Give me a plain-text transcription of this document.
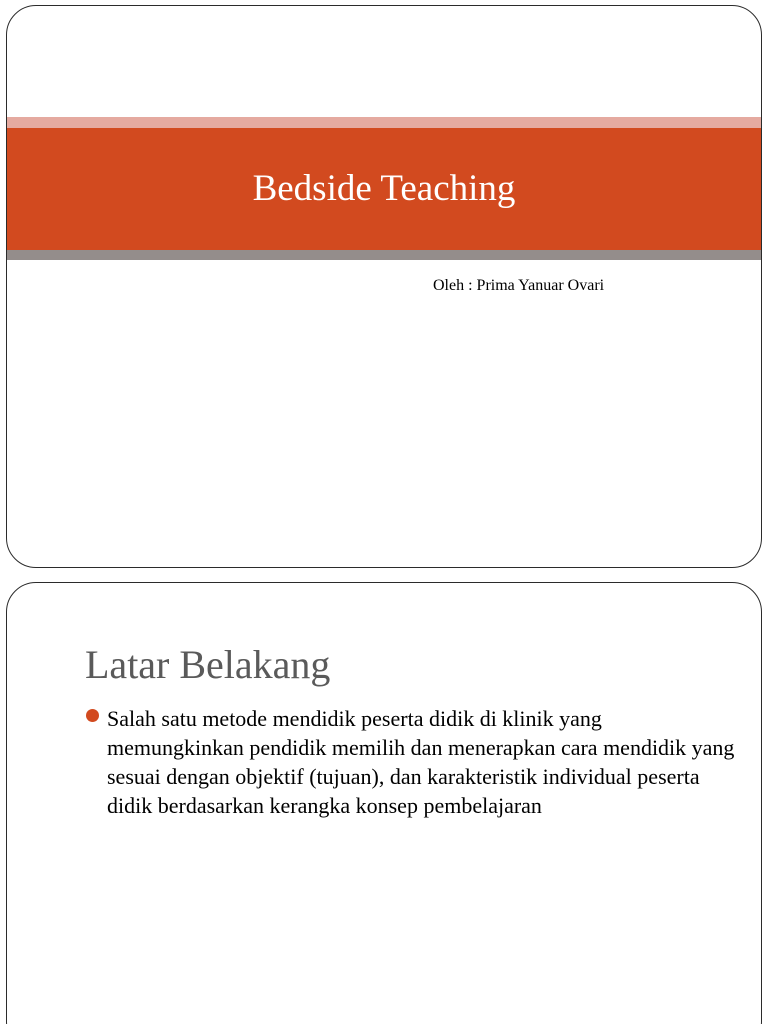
Bedside Teaching

Oleh : Prima Yanuar Ovari

Latar Belakang
Salah satu metode mendidik peserta didik di klinik yang memungkinkan pendidik memilih dan menerapkan cara mendidik yang sesuai dengan objektif (tujuan), dan karakteristik individual peserta didik berdasarkan kerangka konsep pembelajaran
